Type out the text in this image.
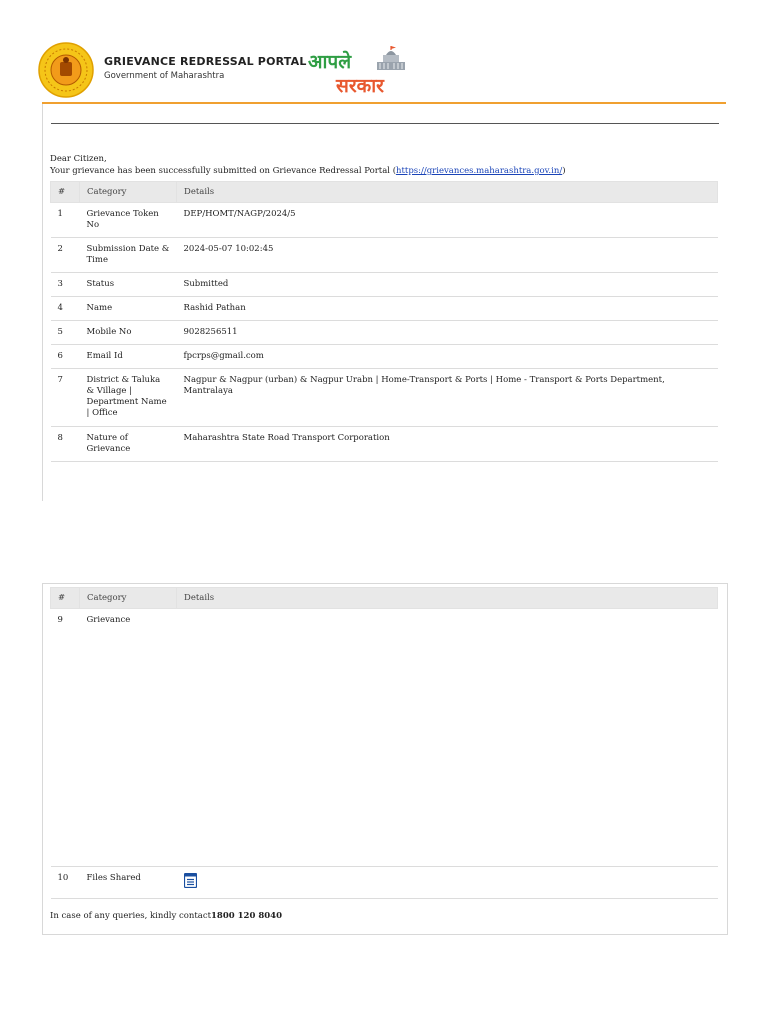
GRIEVANCE REDRESSAL PORTAL
Government of Maharashtra
आपले
सरकार
Dear Citizen,
Your grievance has been successfully submitted on Grievance Redressal Portal (https://grievances.maharashtra.gov.in/)
#	Category	Details
1	Grievance Token No	DEP/HOMT/NAGP/2024/5
2	Submission Date & Time	2024-05-07 10:02:45
3	Status	Submitted
4	Name	Rashid Pathan
5	Mobile No	9028256511
6	Email Id	fpcrps@gmail.com
7	District & Taluka & Village | Department Name | Office	Nagpur & Nagpur (urban) & Nagpur Urabn | Home-Transport & Ports | Home - Transport & Ports Department, Mantralaya
8	Nature of Grievance	Maharashtra State Road Transport Corporation
#	Category	Details
9	Grievance	
10	Files Shared	
In case of any queries, kindly contact1800 120 8040
